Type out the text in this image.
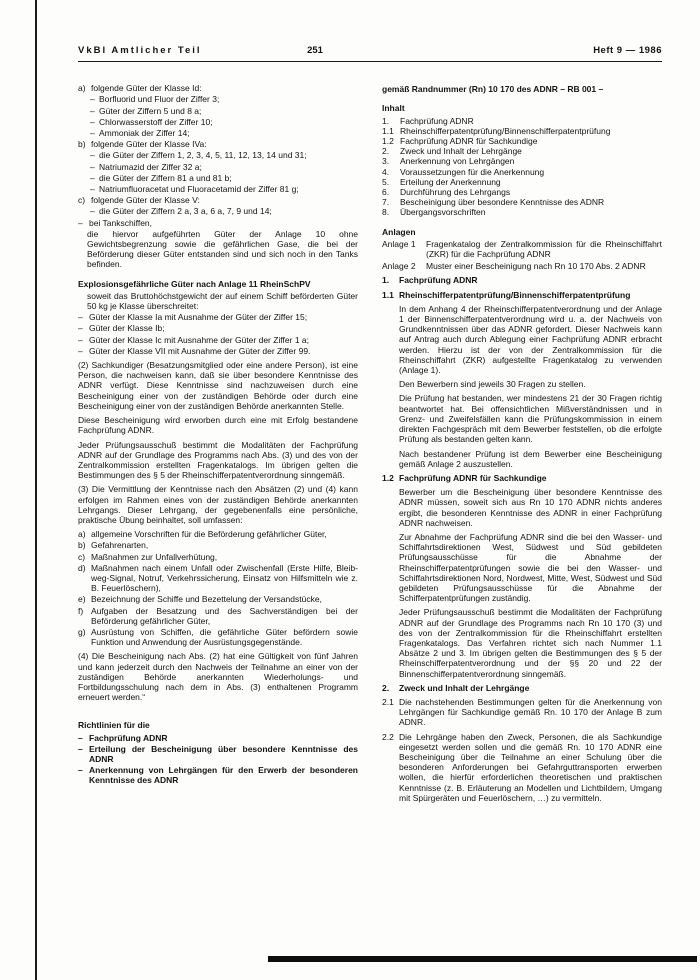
VkBl Amtlicher Teil	251	Heft 9 — 1986
a) folgende Güter der Klasse Id:
– Borfluorid und Fluor der Ziffer 3;
– Güter der Ziffern 5 und 8 a;
– Chlorwasserstoff der Ziffer 10;
– Ammoniak der Ziffer 14;
b) folgende Güter der Klasse IVa:
– die Güter der Ziffern 1, 2, 3, 4, 5, 11, 12, 13, 14 und 31;
– Natriumazid der Ziffer 32 a;
– die Güter der Ziffern 81 a und 81 b;
– Natriumfluoracetat und Fluoracetamid der Ziffer 81 g;
c) folgende Güter der Klasse V:
– die Güter der Ziffern 2 a, 3 a, 6 a, 7, 9 und 14;
– bei Tankschiffen,
die hiervor aufgeführten Güter der Anlage 10 ohne Gewichtsbegrenzung sowie die gefährlichen Gase, die bei der Beförderung dieser Güter entstanden sind und sich noch in den Tanks befinden.
Explosionsgefährliche Güter nach Anlage 11 RheinSchPV
soweit das Bruttohöchstgewicht der auf einem Schiff beförderten Güter 50 kg je Klasse überschreitet:
– Güter der Klasse Ia mit Ausnahme der Güter der Ziffer 15;
– Güter der Klasse Ib;
– Güter der Klasse Ic mit Ausnahme der Güter der Ziffer 1 a;
– Güter der Klasse VII mit Ausnahme der Güter der Ziffer 99.
(2) Sachkundiger (Besatzungsmitglied oder eine andere Person), ist eine Person, die nachweisen kann, daß sie über besondere Kenntnisse des ADNR verfügt. Diese Kenntnisse sind nachzuweisen durch eine Bescheinigung einer von der zuständigen Behörde oder durch eine Bescheinigung einer von der zuständigen Behörde anerkannten Stelle.
Diese Bescheinigung wird erworben durch eine mit Erfolg bestandene Fachprüfung ADNR.
Jeder Prüfungsausschuß bestimmt die Modalitäten der Fachprüfung ADNR auf der Grundlage des Programms nach Abs. (3) und des von der Zentralkommission erstellten Fragenkatalogs. Im übrigen gelten die Bestimmungen des § 5 der Rheinschifferpatentverordnung sinngemäß.
(3) Die Vermittlung der Kenntnisse nach den Absätzen (2) und (4) kann erfolgen im Rahmen eines von der zuständigen Behörde anerkannten Lehrgangs. Dieser Lehrgang, der gegebenenfalls eine persönliche, praktische Übung beinhaltet, soll umfassen:
a) allgemeine Vorschriften für die Beförderung gefährlicher Güter,
b) Gefahrenarten,
c) Maßnahmen zur Unfallverhütung,
d) Maßnahmen nach einem Unfall oder Zwischenfall (Erste Hilfe, Bleib-weg-Signal, Notruf, Verkehrssicherung, Einsatz von Hilfsmitteln wie z. B. Feuerlöschern),
e) Bezeichnung der Schiffe und Bezettelung der Versandstücke,
f) Aufgaben der Besatzung und des Sachverständigen bei der Beförderung gefährlicher Güter,
g) Ausrüstung von Schiffen, die gefährliche Güter befördern sowie Funktion und Anwendung der Ausrüstungsgegenstände.
(4) Die Bescheinigung nach Abs. (2) hat eine Gültigkeit von fünf Jahren und kann jederzeit durch den Nachweis der Teilnahme an einer von der zuständigen Behörde anerkannten Wiederholungs- und Fortbildungsschulung nach dem in Abs. (3) enthaltenen Programm erneuert werden.“
Richtlinien für die
– Fachprüfung ADNR
– Erteilung der Bescheinigung über besondere Kenntnisse des ADNR
– Anerkennung von Lehrgängen für den Erwerb der besonderen Kenntnisse des ADNR
gemäß Randnummer (Rn) 10 170 des ADNR – RB 001 –
Inhalt
1.	Fachprüfung ADNR
1.1 Rheinschifferpatentprüfung/Binnenschifferpatentprüfung
1.2 Fachprüfung ADNR für Sachkundige
2.	Zweck und Inhalt der Lehrgänge
3.	Anerkennung von Lehrgängen
4.	Voraussetzungen für die Anerkennung
5.	Erteilung der Anerkennung
6.	Durchführung des Lehrgangs
7.	Bescheinigung über besondere Kenntnisse des ADNR
8.	Übergangsvorschriften
Anlagen
Anlage 1	Fragenkatalog der Zentralkommission für die Rheinschiffahrt (ZKR) für die Fachprüfung ADNR
Anlage 2	Muster einer Bescheinigung nach Rn 10 170 Abs. 2 ADNR
1.	Fachprüfung ADNR
1.1 Rheinschifferpatentprüfung/Binnenschifferpatentprüfung
In dem Anhang 4 der Rheinschifferpatentverordnung und der Anlage 1 der Binnenschifferpatentverordnung wird u. a. der Nachweis von Grundkenntnissen über das ADNR gefordert. Dieser Nachweis kann auf Antrag auch durch Ablegung einer Fachprüfung ADNR erbracht werden. Hierzu ist der von der Zentralkommission für die Rheinschiffahrt (ZKR) aufgestellte Fragenkatalog zu verwenden (Anlage 1).
Den Bewerbern sind jeweils 30 Fragen zu stellen.
Die Prüfung hat bestanden, wer mindestens 21 der 30 Fragen richtig beantwortet hat. Bei offensichtlichen Mißverständnissen und in Grenz- und Zweifelsfällen kann die Prüfungskommission in einem direkten Fachgespräch mit dem Bewerber feststellen, ob die erfolgte Prüfung als bestanden gelten kann.
Nach bestandener Prüfung ist dem Bewerber eine Bescheinigung gemäß Anlage 2 auszustellen.
1.2 Fachprüfung ADNR für Sachkundige
Bewerber um die Bescheinigung über besondere Kenntnisse des ADNR müssen, soweit sich aus Rn 10 170 ADNR nichts anderes ergibt, die besonderen Kenntnisse des ADNR in einer Fachprüfung ADNR nachweisen.
Zur Abnahme der Fachprüfung ADNR sind die bei den Wasser- und Schiffahrtsdirektionen West, Südwest und Süd gebildeten Prüfungsausschüsse für die Abnahme der Rheinschifferpatentprüfungen sowie die bei den Wasser- und Schiffahrtsdirektionen Nord, Nordwest, Mitte, West, Südwest und Süd gebildeten Prüfungsausschüsse für die Abnahme der Schifferpatentprüfungen zuständig.
Jeder Prüfungsausschuß bestimmt die Modalitäten der Fachprüfung ADNR auf der Grundlage des Programms nach Rn 10 170 (3) und des von der Zentralkommission für die Rheinschiffahrt erstellten Fragenkatalogs. Das Verfahren richtet sich nach Nummer 1.1 Absätze 2 und 3. Im übrigen gelten die Bestimmungen des § 5 der Rheinschifferpatentverordnung und der §§ 20 und 22 der Binnenschifferpatentverordnung sinngemäß.
2.	Zweck und Inhalt der Lehrgänge
2.1 Die nachstehenden Bestimmungen gelten für die Anerkennung von Lehrgängen für Sachkundige gemäß Rn. 10 170 der Anlage B zum ADNR.
2.2 Die Lehrgänge haben den Zweck, Personen, die als Sachkundige eingesetzt werden sollen und die gemäß Rn. 10 170 ADNR eine Bescheinigung über die Teilnahme an einer Schulung über die besonderen Anforderungen bei Gefahrguttransporten erwerben wollen, die hierfür erforderlichen theoretischen und praktischen Kenntnisse (z. B. Erläuterung an Modellen und Lichtbildern, Umgang mit Spürgeräten und Feuerlöschern, …) zu vermitteln.
